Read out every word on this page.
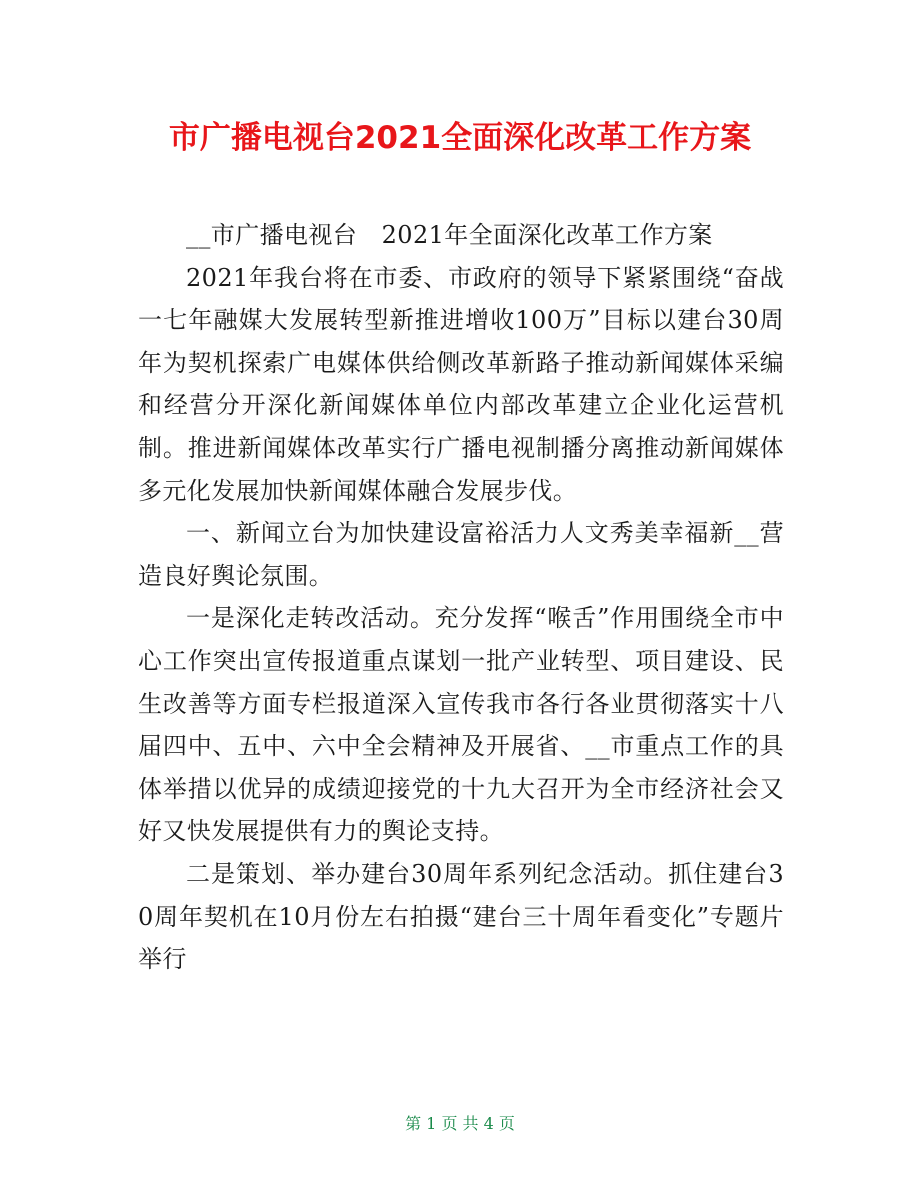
市广播电视台2021全面深化改革工作方案

__市广播电视台　2021年全面深化改革工作方案

2021年我台将在市委、市政府的领导下紧紧围绕“奋战一七年融媒大发展转型新推进增收100万”目标以建台30周年为契机探索广电媒体供给侧改革新路子推动新闻媒体采编和经营分开深化新闻媒体单位内部改革建立企业化运营机制。推进新闻媒体改革实行广播电视制播分离推动新闻媒体多元化发展加快新闻媒体融合发展步伐。

一、新闻立台为加快建设富裕活力人文秀美幸福新__营造良好舆论氛围。

一是深化走转改活动。充分发挥“喉舌”作用围绕全市中心工作突出宣传报道重点谋划一批产业转型、项目建设、民生改善等方面专栏报道深入宣传我市各行各业贯彻落实十八届四中、五中、六中全会精神及开展省、__市重点工作的具体举措以优异的成绩迎接党的十九大召开为全市经济社会又好又快发展提供有力的舆论支持。

二是策划、举办建台30周年系列纪念活动。抓住建台30周年契机在10月份左右拍摄“建台三十周年看变化”专题片举行

第 1 页 共 4 页
